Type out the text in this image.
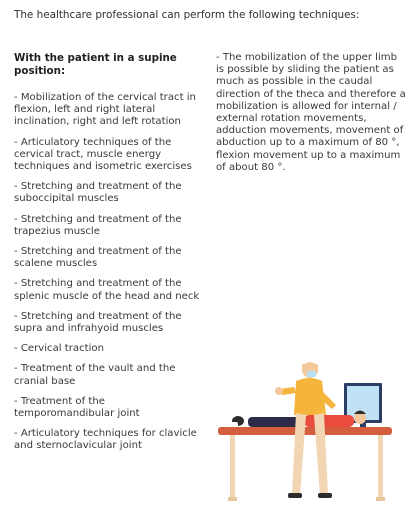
The healthcare professional can perform the following techniques:
With the patient in a supine position:
- Mobilization of the cervical tract in flexion, left and right lateral inclination, right and left rotation
- Articulatory techniques of the cervical tract, muscle energy techniques and isometric exercises
- Stretching and treatment of the suboccipital muscles
- Stretching and treatment of the trapezius muscle
- Stretching and treatment of the scalene muscles
- Stretching and treatment of the splenic muscle of the head and neck
- Stretching and treatment of the supra and infrahyoid muscles
- Cervical traction
- Treatment of the vault and the cranial base
- Treatment of the temporomandibular joint
- Articulatory techniques for clavicle and sternoclavicular joint

- The mobilization of the upper limb is possible by sliding the patient as much as possible in the caudal direction of the theca and therefore a mobilization is allowed for internal / external rotation movements, adduction movements, movement of abduction up to a maximum of 80 °, flexion movement up to a maximum of about 80 °.
